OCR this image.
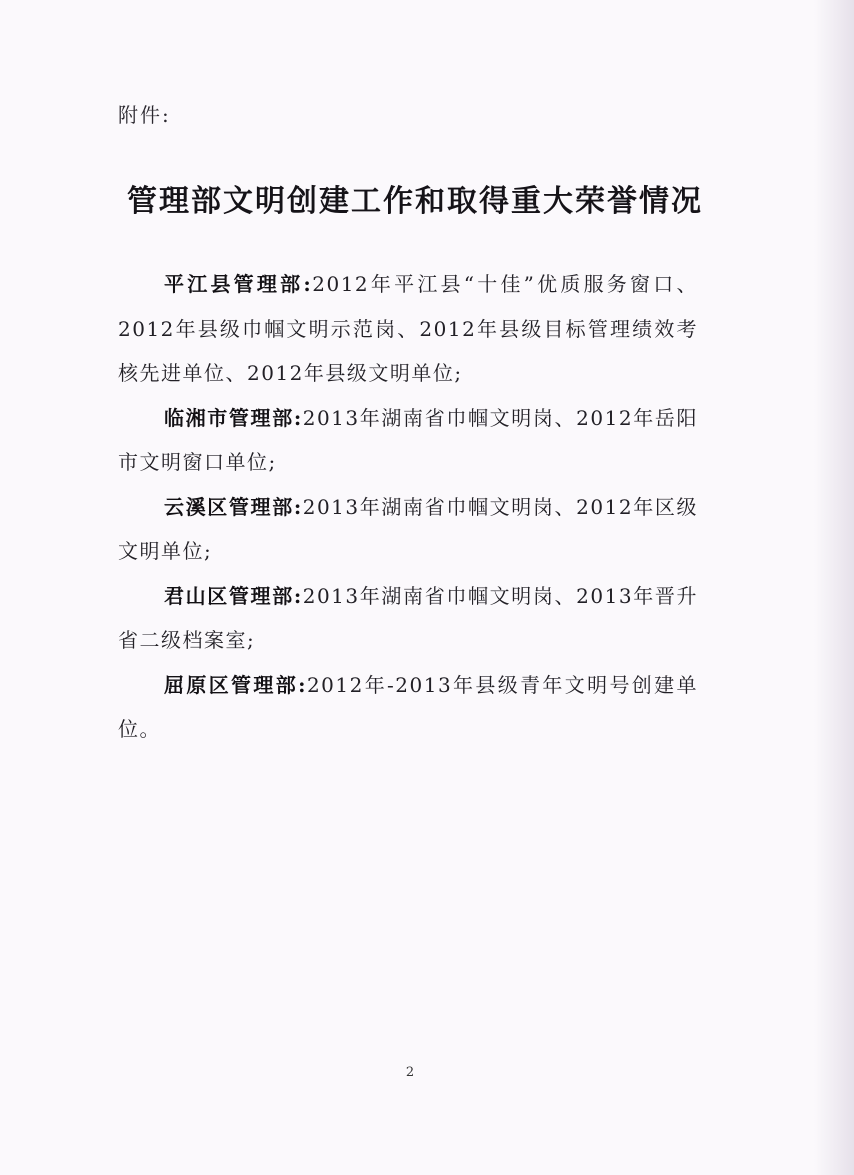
附件:
管理部文明创建工作和取得重大荣誉情况

平江县管理部:2012年平江县“十佳”优质服务窗口、2012年县级巾帼文明示范岗、2012年县级目标管理绩效考核先进单位、2012年县级文明单位;

临湘市管理部:2013年湖南省巾帼文明岗、2012年岳阳市文明窗口单位;

云溪区管理部:2013年湖南省巾帼文明岗、2012年区级文明单位;

君山区管理部:2013年湖南省巾帼文明岗、2013年晋升省二级档案室;

屈原区管理部:2012年-2013年县级青年文明号创建单位。

2
